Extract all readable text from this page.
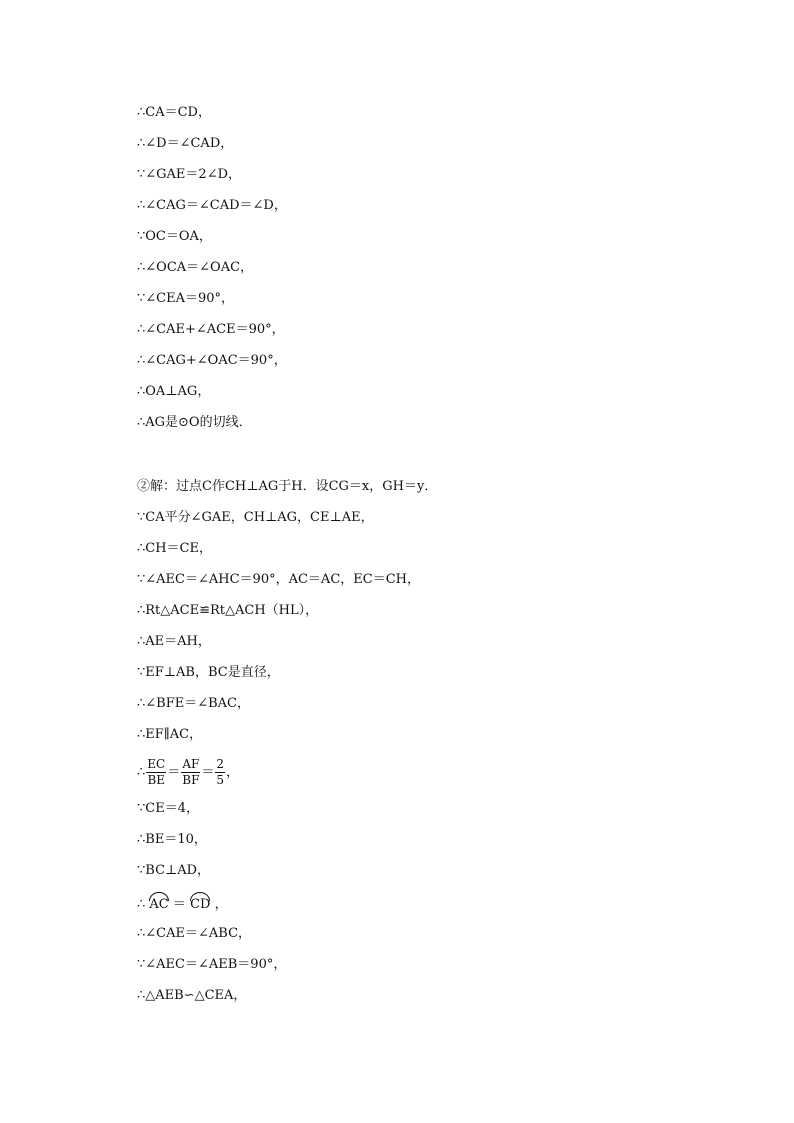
∴CA＝CD，
∴∠D＝∠CAD，
∵∠GAE＝2∠D，
∴∠CAG＝∠CAD＝∠D，
∵OC＝OA，
∴∠OCA＝∠OAC，
∵∠CEA＝90°，
∴∠CAE+∠ACE＝90°，
∴∠CAG+∠OAC＝90°，
∴OA⊥AG，
∴AG是⊙O的切线．
②解：过点C作CH⊥AG于H．设CG＝x，GH＝y．
∵CA平分∠GAE，CH⊥AG，CE⊥AE，
∴CH＝CE，
∵∠AEC＝∠AHC＝90°，AC＝AC，EC＝CH，
∴Rt△ACE≌Rt△ACH（HL），
∴AE＝AH，
∵EF⊥AB，BC是直径，
∴∠BFE＝∠BAC，
∴EF∥AC，
∴ $\frac{EC}{BE} = \frac{AF}{BF} = \frac{2}{5}$ ，
∵CE＝4，
∴BE＝10，
∵BC⊥AD，
∴ AC ＝ CD ，
∴∠CAE＝∠ABC，
∵∠AEC＝∠AEB＝90°，
∴△AEB∽△CEA，
